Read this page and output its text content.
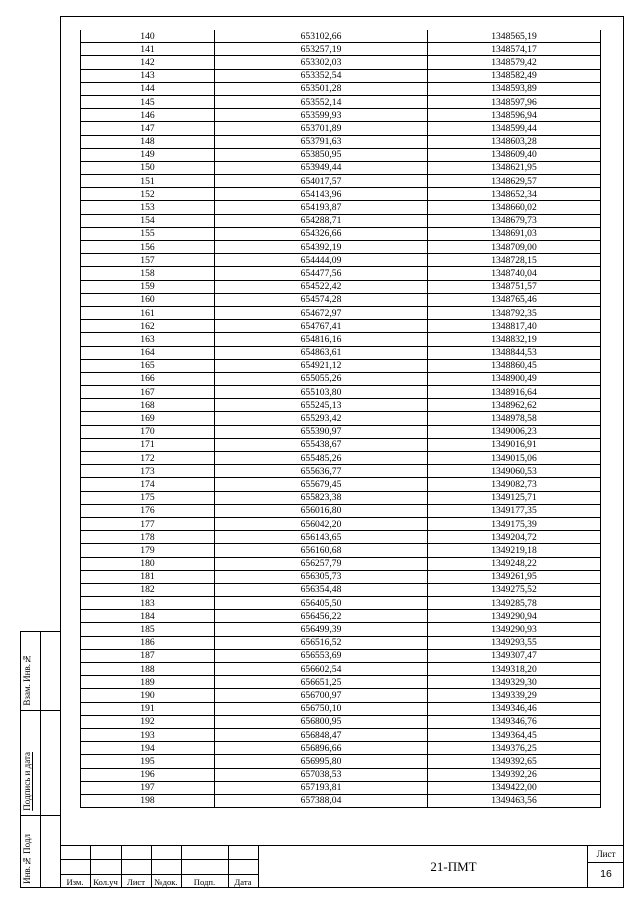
140	653102,66	1348565,19
141	653257,19	1348574,17
142	653302,03	1348579,42
143	653352,54	1348582,49
144	653501,28	1348593,89
145	653552,14	1348597,96
146	653599,93	1348596,94
147	653701,89	1348599,44
148	653791,63	1348603,28
149	653850,95	1348609,40
150	653949,44	1348621,95
151	654017,57	1348629,57
152	654143,96	1348652,34
153	654193,87	1348660,02
154	654288,71	1348679,73
155	654326,66	1348691,03
156	654392,19	1348709,00
157	654444,09	1348728,15
158	654477,56	1348740,04
159	654522,42	1348751,57
160	654574,28	1348765,46
161	654672,97	1348792,35
162	654767,41	1348817,40
163	654816,16	1348832,19
164	654863,61	1348844,53
165	654921,12	1348860,45
166	655055,26	1348900,49
167	655103,80	1348916,64
168	655245,13	1348962,62
169	655293,42	1348978,58
170	655390,97	1349006,23
171	655438,67	1349016,91
172	655485,26	1349015,06
173	655636,77	1349060,53
174	655679,45	1349082,73
175	655823,38	1349125,71
176	656016,80	1349177,35
177	656042,20	1349175,39
178	656143,65	1349204,72
179	656160,68	1349219,18
180	656257,79	1349248,22
181	656305,73	1349261,95
182	656354,48	1349275,52
183	656405,50	1349285,78
184	656456,22	1349290,94
185	656499,39	1349290,93
186	656516,52	1349293,55
187	656553,69	1349307,47
188	656602,54	1349318,20
189	656651,25	1349329,30
190	656700,97	1349339,29
191	656750,10	1349346,46
192	656800,95	1349346,76
193	656848,47	1349364,45
194	656896,66	1349376,25
195	656995,80	1349392,65
196	657038,53	1349392,26
197	657193,81	1349422,00
198	657388,04	1349463,56
Взам. Инв.№
Подпись и дата
Инв.№ Подл	Изм.	Кол.уч	Лист	№док.	Подп.	Дата
21-ПМТ
Лист
16
